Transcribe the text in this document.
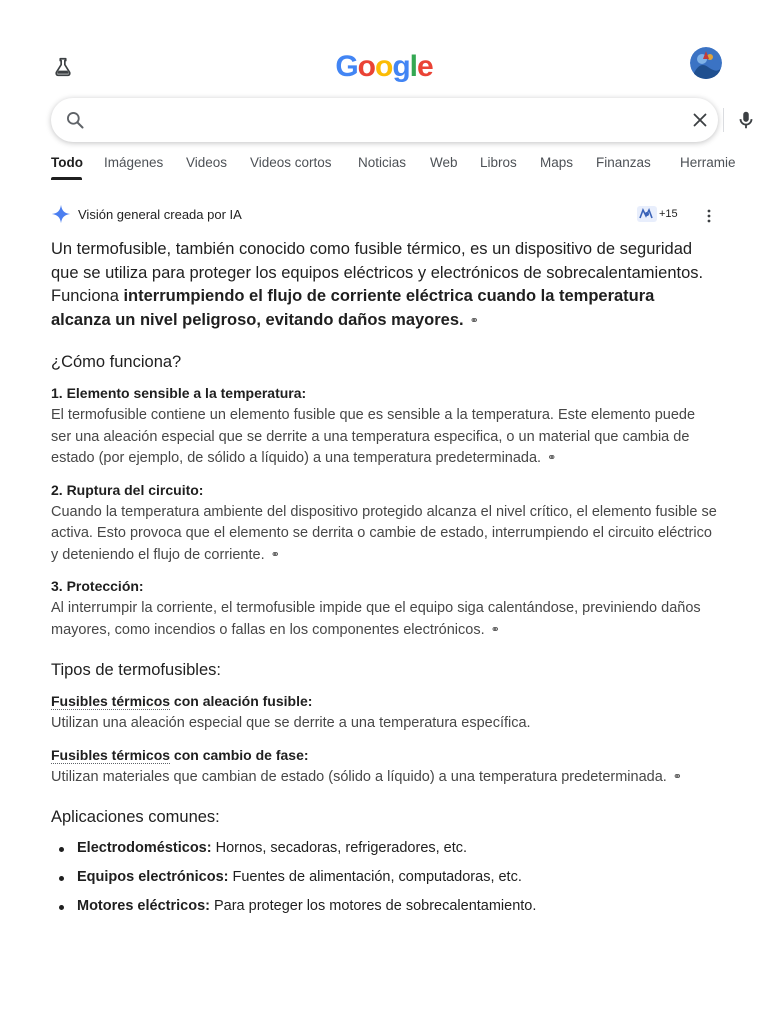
Google
Todo Imágenes Videos Videos cortos Noticias Web Libros Maps Finanzas Herramie
Visión general creada por IA	+15

Un termofusible, también conocido como fusible térmico, es un dispositivo de seguridad que se utiliza para proteger los equipos eléctricos y electrónicos de sobrecalentamientos. Funciona interrumpiendo el flujo de corriente eléctrica cuando la temperatura alcanza un nivel peligroso, evitando daños mayores. ⚭

¿Cómo funciona?
1. Elemento sensible a la temperatura:

El termofusible contiene un elemento fusible que es sensible a la temperatura. Este elemento puede ser una aleación especial que se derrite a una temperatura especifica, o un material que cambia de estado (por ejemplo, de sólido a líquido) a una temperatura predeterminada. ⚭

2. Ruptura del circuito:

Cuando la temperatura ambiente del dispositivo protegido alcanza el nivel crítico, el elemento fusible se activa. Esto provoca que el elemento se derrita o cambie de estado, interrumpiendo el circuito eléctrico y deteniendo el flujo de corriente. ⚭

3. Protección:

Al interrumpir la corriente, el termofusible impide que el equipo siga calentándose, previniendo daños mayores, como incendios o fallas en los componentes electrónicos. ⚭

Tipos de termofusibles:
Fusibles térmicos con aleación fusible:

Utilizan una aleación especial que se derrite a una temperatura específica.

Fusibles térmicos con cambio de fase:

Utilizan materiales que cambian de estado (sólido a líquido) a una temperatura predeterminada. ⚭

Aplicaciones comunes:
Electrodomésticos: Hornos, secadoras, refrigeradores, etc.
Equipos electrónicos: Fuentes de alimentación, computadoras, etc.
Motores eléctricos: Para proteger los motores de sobrecalentamiento.
